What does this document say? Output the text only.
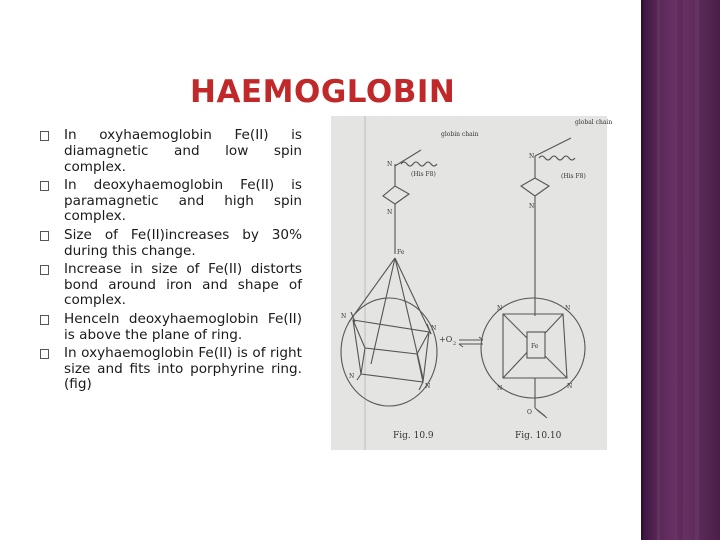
HAEMOGLOBIN
In oxyhaemoglobin Fe(II) is diamagnetic and low spin complex.
In deoxyhaemoglobin Fe(II) is paramagnetic and high spin complex.
Size of Fe(II)increases by 30% during this change.
Increase in size of Fe(II) distorts bond around iron and shape of complex.
Henceln deoxyhaemoglobin Fe(II) is above the plane of ring.
In oxyhaemoglobin Fe(II) is of right size and fits into porphyrine ring.(fig)
globin chain
(His F8)
N
N
Fe
N
N
N
N
Fig. 10.9
+O 2
global chain
(His F8)
N
N
N	N
N	N
Fe
O
Fig. 10.10
